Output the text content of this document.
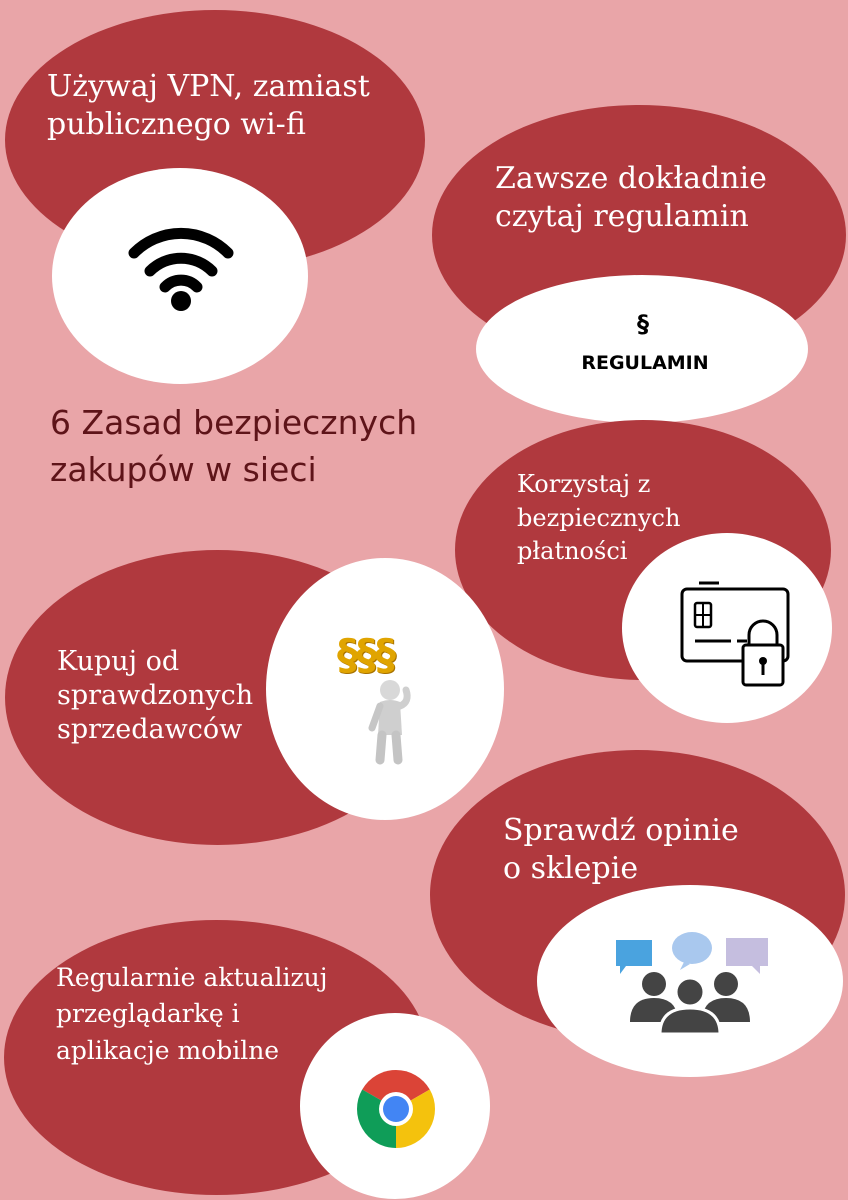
Używaj VPN, zamiast
publicznego wi-fi
Zawsze dokładnie
czytaj regulamin
§
REGULAMIN
6 Zasad bezpiecznych
zakupów w sieci	Korzystaj z
bezpiecznych
płatności
Kupuj od
sprawdzonych
sprzedawców
§§§
Sprawdź opinie
o sklepie
Regularnie aktualizuj
przeglądarkę i
aplikacje mobilne
